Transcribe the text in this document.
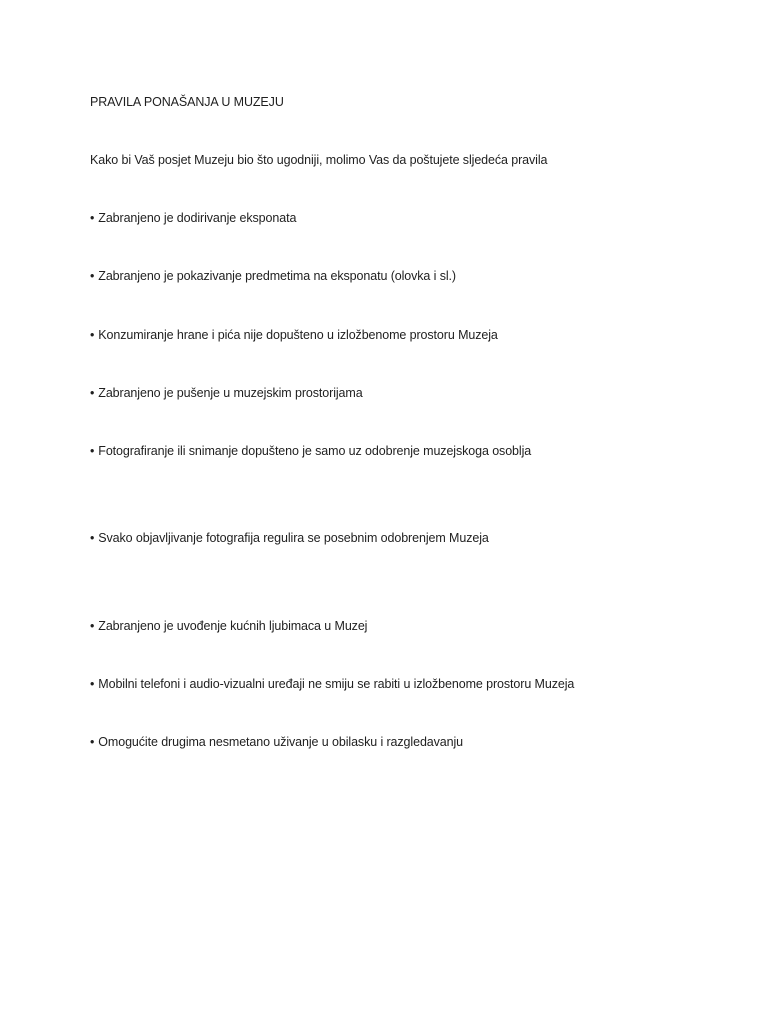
PRAVILA PONAŠANJA U MUZEJU
Kako bi Vaš posjet Muzeju bio što ugodniji, molimo Vas da poštujete sljedeća pravila
• Zabranjeno je dodirivanje eksponata
• Zabranjeno je pokazivanje predmetima na eksponatu (olovka i sl.)
• Konzumiranje hrane i pića nije dopušteno u izložbenome prostoru Muzeja
• Zabranjeno je pušenje u muzejskim prostorijama
• Fotografiranje ili snimanje dopušteno je samo uz odobrenje muzejskoga osoblja
• Svako objavljivanje fotografija regulira se posebnim odobrenjem Muzeja
• Zabranjeno je uvođenje kućnih ljubimaca u Muzej
• Mobilni telefoni i audio-vizualni uređaji ne smiju se rabiti u izložbenome prostoru Muzeja
• Omogućite drugima nesmetano uživanje u obilasku i razgledavanju
